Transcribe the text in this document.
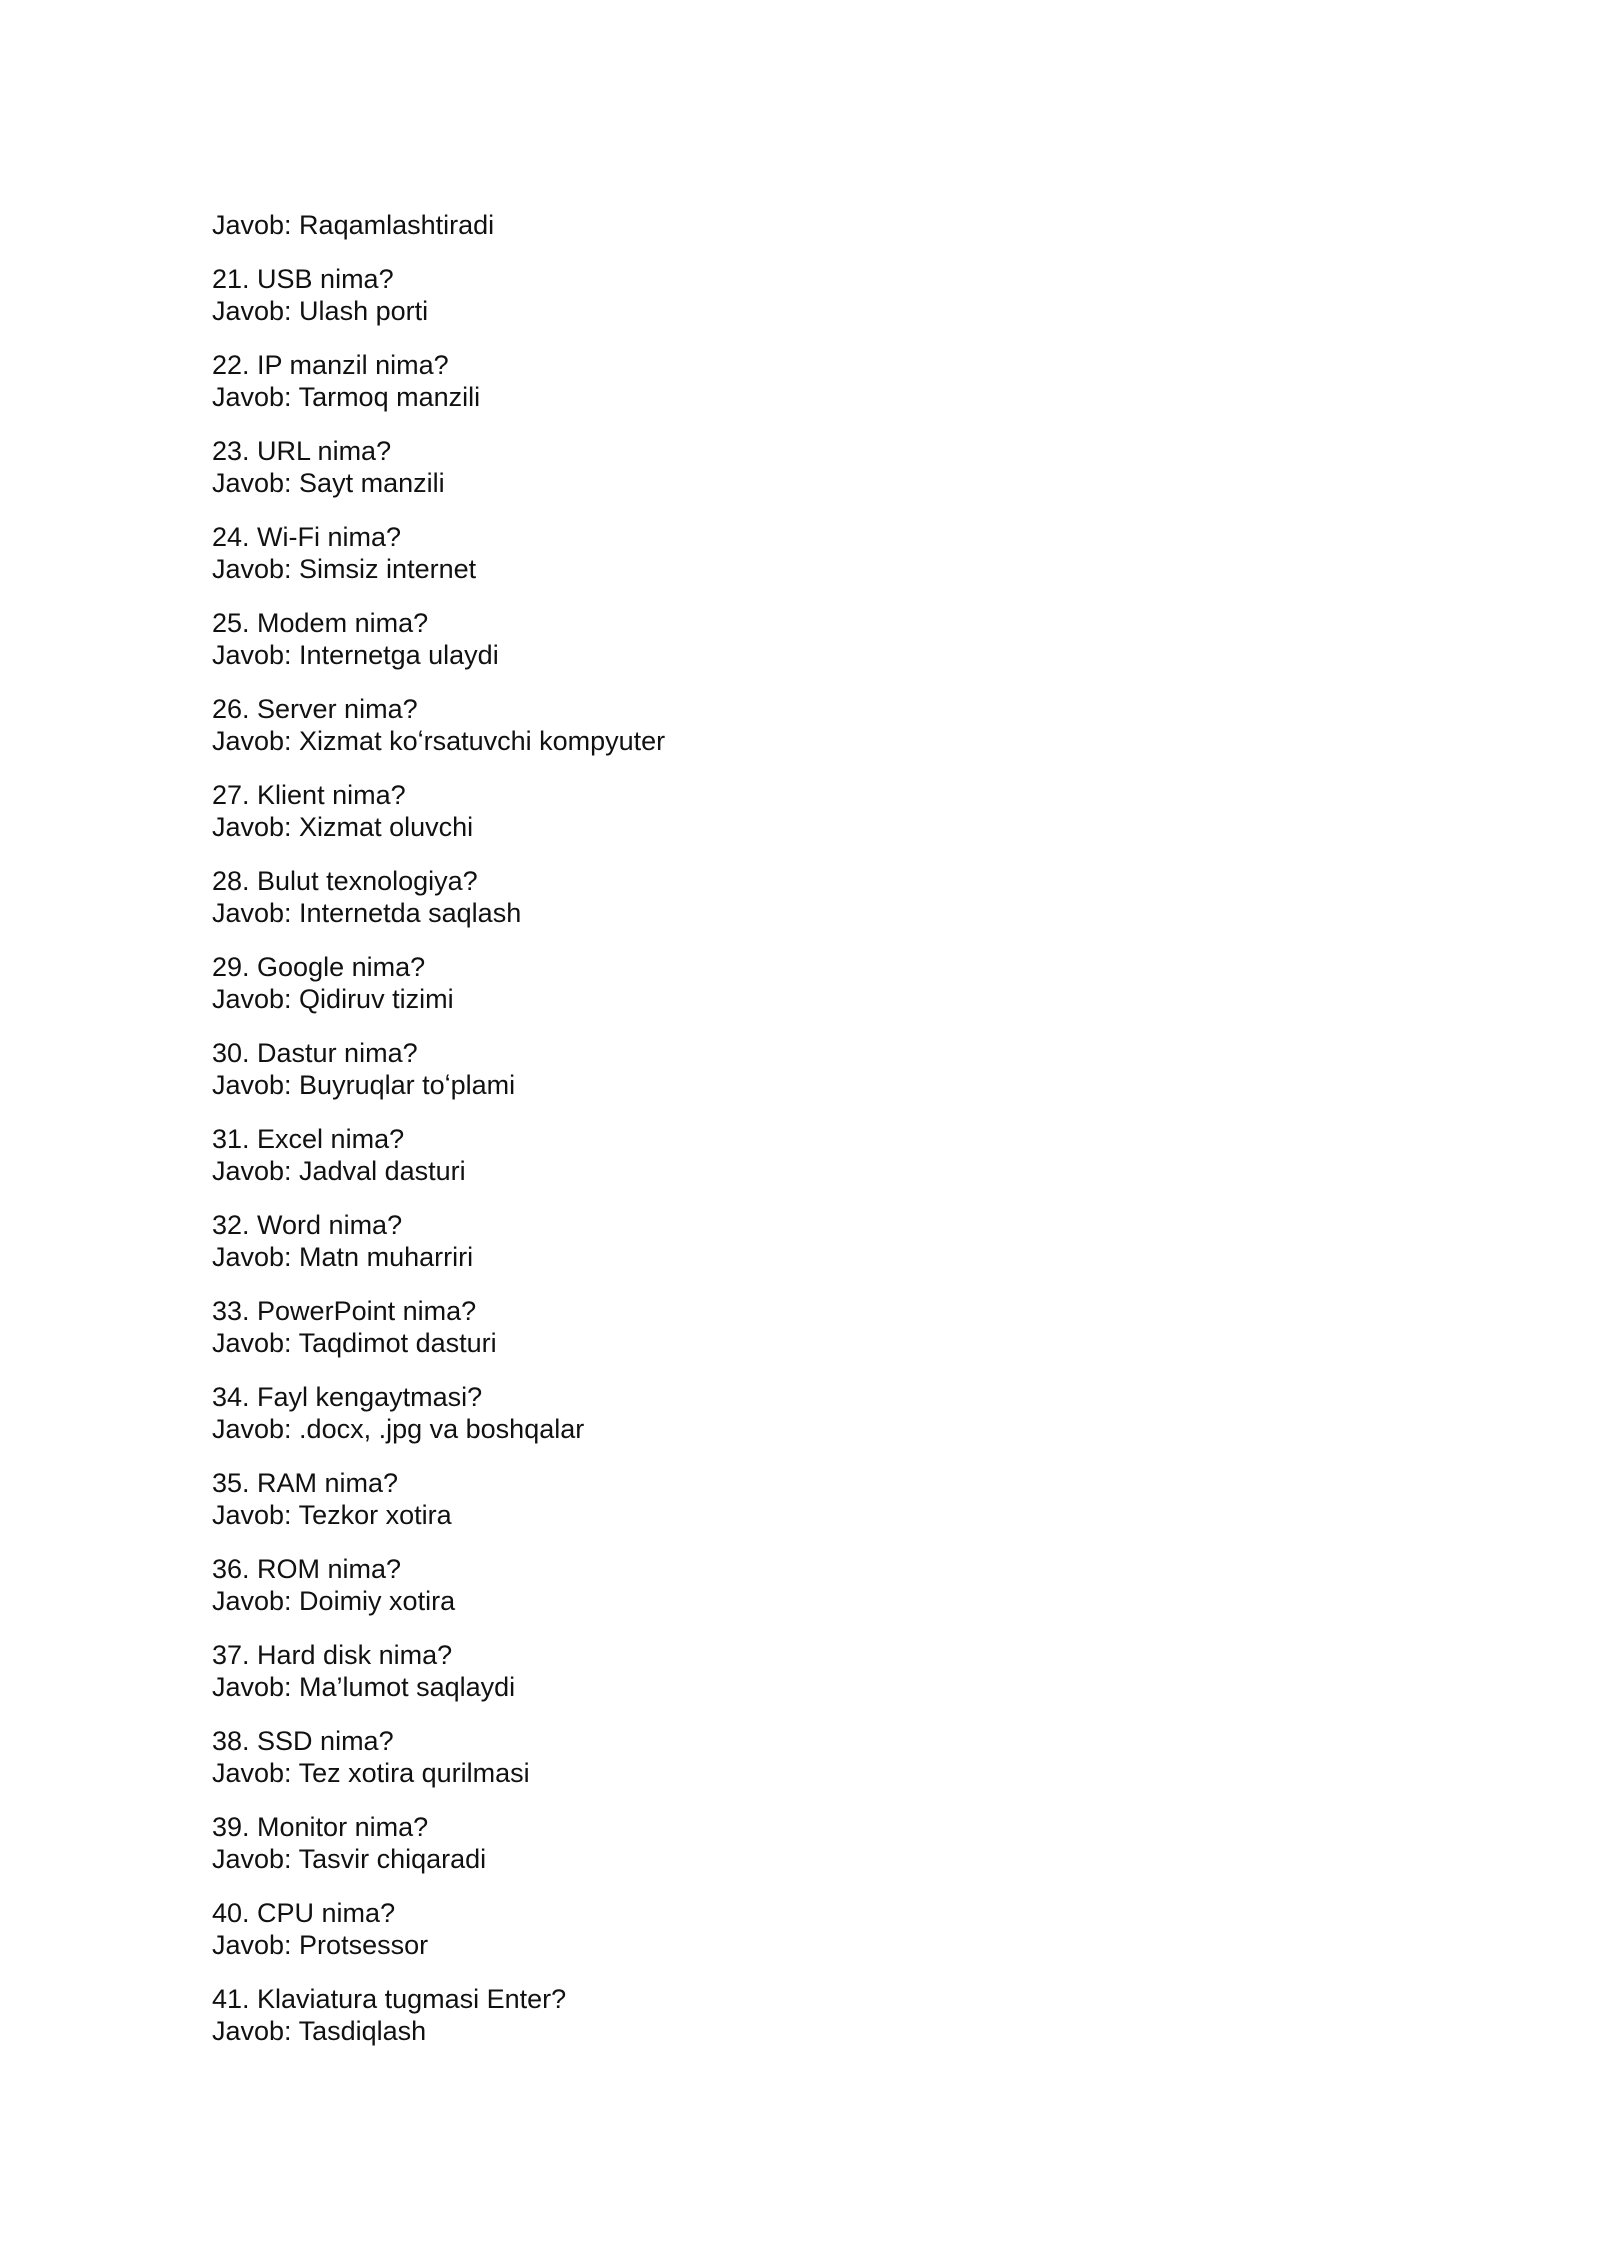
Javob: Raqamlashtiradi
21. USB nima?
Javob: Ulash porti
22. IP manzil nima?
Javob: Tarmoq manzili
23. URL nima?
Javob: Sayt manzili
24. Wi-Fi nima?
Javob: Simsiz internet
25. Modem nima?
Javob: Internetga ulaydi
26. Server nima?
Javob: Xizmat koʻrsatuvchi kompyuter
27. Klient nima?
Javob: Xizmat oluvchi
28. Bulut texnologiya?
Javob: Internetda saqlash
29. Google nima?
Javob: Qidiruv tizimi
30. Dastur nima?
Javob: Buyruqlar toʻplami
31. Excel nima?
Javob: Jadval dasturi
32. Word nima?
Javob: Matn muharriri
33. PowerPoint nima?
Javob: Taqdimot dasturi
34. Fayl kengaytmasi?
Javob: .docx, .jpg va boshqalar
35. RAM nima?
Javob: Tezkor xotira
36. ROM nima?
Javob: Doimiy xotira
37. Hard disk nima?
Javob: Ma’lumot saqlaydi
38. SSD nima?
Javob: Tez xotira qurilmasi
39. Monitor nima?
Javob: Tasvir chiqaradi
40. CPU nima?
Javob: Protsessor
41. Klaviatura tugmasi Enter?
Javob: Tasdiqlash
